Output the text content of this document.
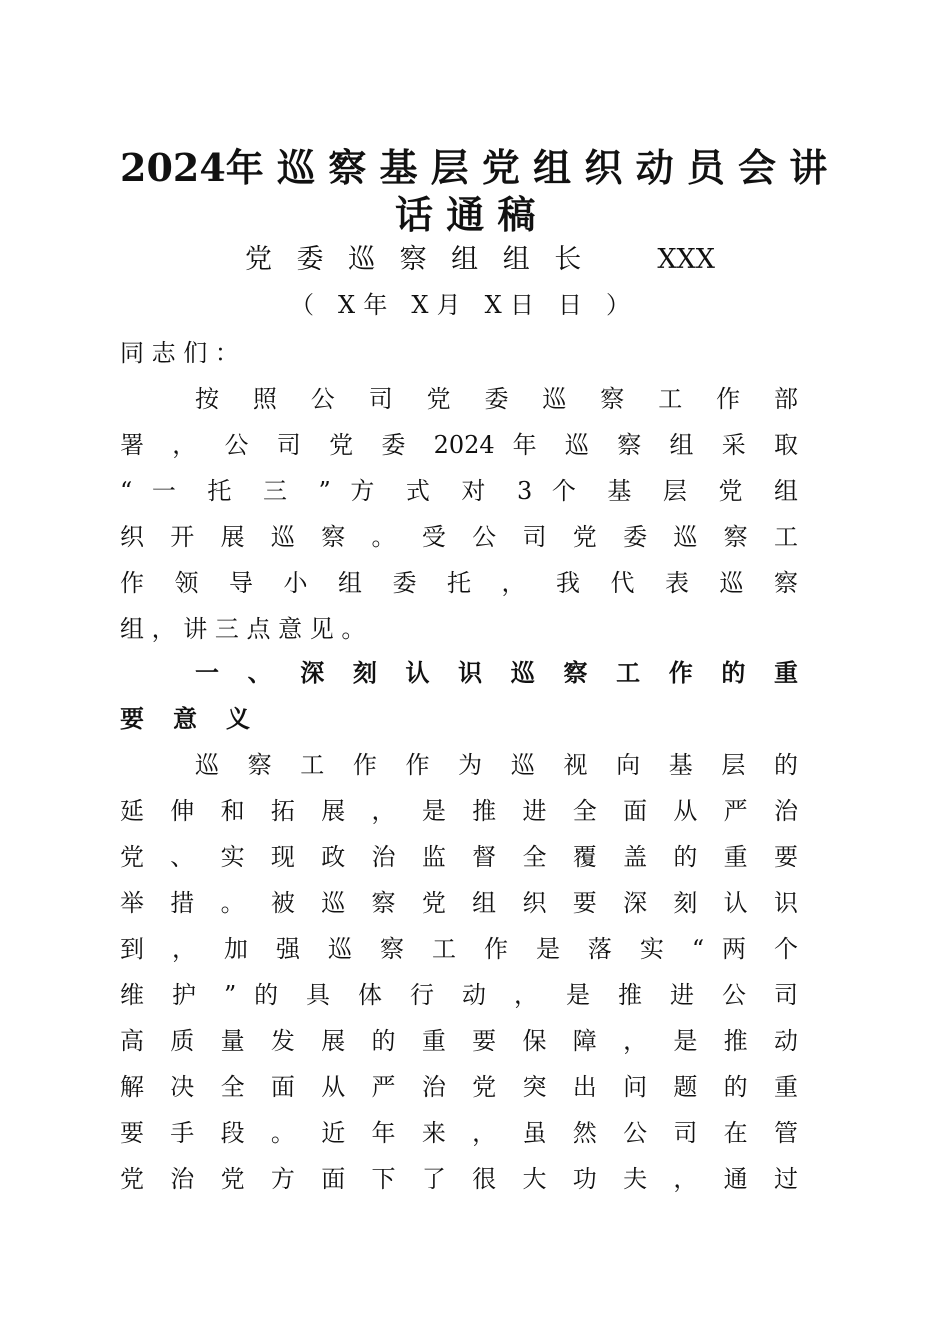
2024年 巡 察 基 层 党 组 织 动 员 会 讲
话 通 稿
党 委 巡 察 组 组 长 　 XXX
（ X年 X月 X日 日 ）
同 志 们 ：
按 照 公 司 党 委 巡 察 工 作 部
署 ， 公 司 党 委 2024 年 巡 察 组 采 取
“ 一 托 三 ” 方 式 对 3 个 基 层 党 组
织 开 展 巡 察 。 受 公 司 党 委 巡 察 工
作 领 导 小 组 委 托 ， 我 代 表 巡 察
组 ， 讲 三 点 意 见 。
一 、 深 刻 认 识 巡 察 工 作 的 重
要 意 义
巡 察 工 作 作 为 巡 视 向 基 层 的
延 伸 和 拓 展 ， 是 推 进 全 面 从 严 治
党 、 实 现 政 治 监 督 全 覆 盖 的 重 要
举 措 。 被 巡 察 党 组 织 要 深 刻 认 识
到 ， 加 强 巡 察 工 作 是 落 实 “ 两 个
维 护 ” 的 具 体 行 动 ， 是 推 进 公 司
高 质 量 发 展 的 重 要 保 障 ， 是 推 动
解 决 全 面 从 严 治 党 突 出 问 题 的 重
要 手 段 。 近 年 来 ， 虽 然 公 司 在 管
党 治 党 方 面 下 了 很 大 功 夫 ， 通 过
